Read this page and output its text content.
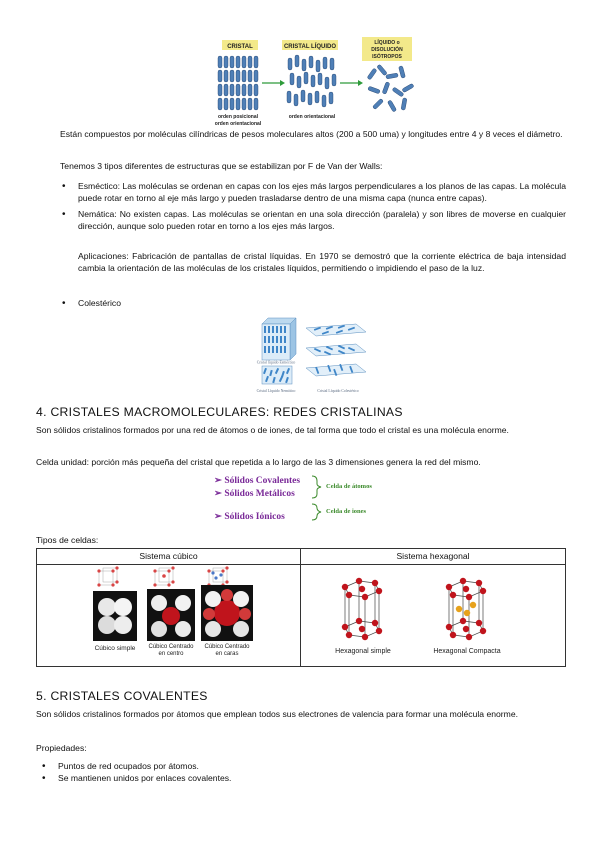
CRISTAL	CRISTAL LÍQUIDO
LÍQUIDO o
DISOLUCIÓN
ISÓTROPOS
orden posicional
orden orientacional
orden orientacional

Están compuestos por moléculas cilíndricas de pesos moleculares altos (200 a 500 uma) y longitudes entre 4 y 8 veces el diámetro.

Tenemos 3 tipos diferentes de estructuras que se estabilizan por F de Van der Walls:

• Esméctico: Las moléculas se ordenan en capas con los ejes más largos perpendiculares a los planos de las capas. La molécula puede rotar en torno al eje más largo y pueden trasladarse dentro de una misma capa (nunca entre capas).
• Nemática: No existen capas. Las moléculas se orientan en una sola dirección (paralela) y son libres de moverse en cualquier dirección, aunque solo pueden rotar en torno a los ejes más largos.

Aplicaciones: Fabricación de pantallas de cristal líquidas. En 1970 se demostró que la corriente eléctrica de baja intensidad cambia la orientación de las moléculas de los cristales líquidos, permitiendo o impidiendo el paso de la luz.

• Colestérico
Cristal líquido Esméctico
Cristal Líquido Nemático	Cristal Líquido Colestérico
4. CRISTALES MACROMOLECULARES: REDES CRISTALINAS

Son sólidos cristalinos formados por una red de átomos o de iones, de tal forma que todo el cristal es una molécula enorme.

Celda unidad: porción más pequeña del cristal que repetida a lo largo de las 3 dimensiones genera la red del mismo.

➢ Sólidos Covalentes
➢ Sólidos Metálicos
➢ Sólidos Iónicos
Celda de átomos
Celda de iones

Tipos de celdas:

Sistema cúbico	Sistema hexagonal

Cúbico simple Cúbico Centrado
en centro
Cúbico Centrado
en caras	Hexagonal simple Hexagonal Compacta
5. CRISTALES COVALENTES

Son sólidos cristalinos formados por átomos que emplean todos sus electrones de valencia para formar una molécula enorme.

Propiedades:

• Puntos de red ocupados por átomos.
• Se mantienen unidos por enlaces covalentes.
